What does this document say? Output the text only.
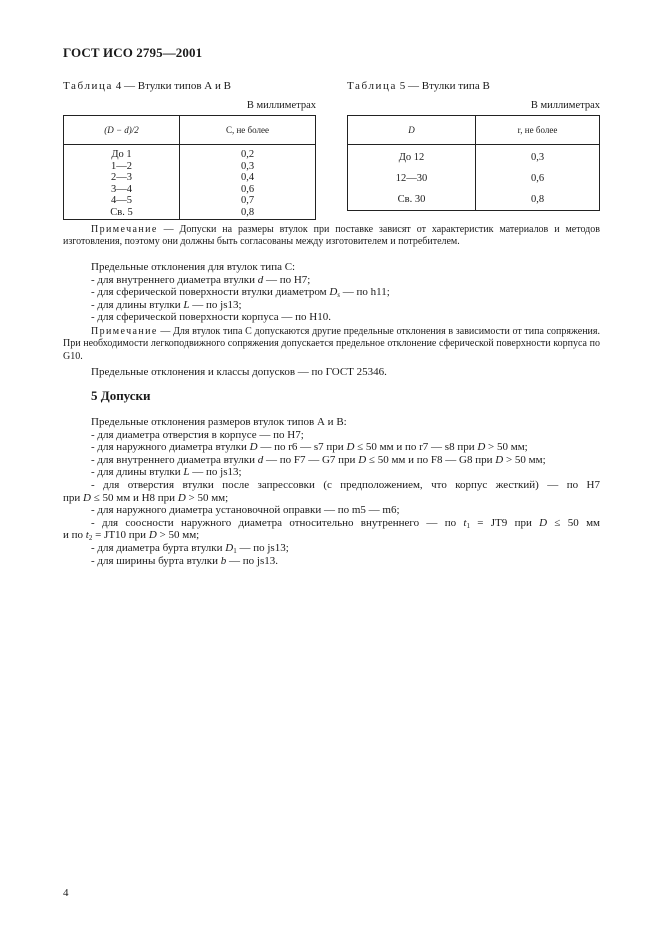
ГОСТ ИСО 2795—2001
Таблица 4 — Втулки типов А и В
В миллиметрах
(D − d)/2	C, не более
До 1	0,2
1—2	0,3
2—3	0,4
3—4	0,6
4—5	0,7
Св. 5	0,8
Таблица 5 — Втулки типа В
В миллиметрах
D	r, не более
До 12	0,3
12—30	0,6
Св. 30	0,8
Примечание — Допуски на размеры втулок при поставке зависят от характеристик материалов и методов изготовления, поэтому они должны быть согласованы между изготовителем и потребителем.
Предельные отклонения для втулок типа С:
- для внутреннего диаметра втулки d — по Н7;
- для сферической поверхности втулки диаметром $D_s$ — по h11;
- для длины втулки L — по js13;
- для сферической поверхности корпуса — по Н10.
Примечание — Для втулок типа С допускаются другие предельные отклонения в зависимости от типа сопряжения. При необходимости легкоподвижного сопряжения допускается предельное отклонение сферической поверхности корпуса по G10.
Предельные отклонения и классы допусков — по ГОСТ 25346.
5 Допуски
Предельные отклонения размеров втулок типов А и В:
- для диаметра отверстия в корпусе — по Н7;
- для наружного диаметра втулки D — по r6 — s7 при D ≤ 50 мм и по r7 — s8 при D > 50 мм;
- для внутреннего диаметра втулки d — по F7 — G7 при D ≤ 50 мм и по F8 — G8 при D > 50 мм;
- для длины втулки L — по js13;
- для отверстия втулки после запрессовки (с предположением, что корпус жесткий) — по Н7
при D ≤ 50 мм и Н8 при D > 50 мм;
- для наружного диаметра установочной оправки — по m5 — m6;
- для соосности наружного диаметра относительно внутреннего — по $t_1 = JT9$ при D ≤ 50 мм
и по $t_2 = JT10$ при D > 50 мм;
- для диаметра бурта втулки $D_1$ — по js13;
- для ширины бурта втулки b — по js13.
4
